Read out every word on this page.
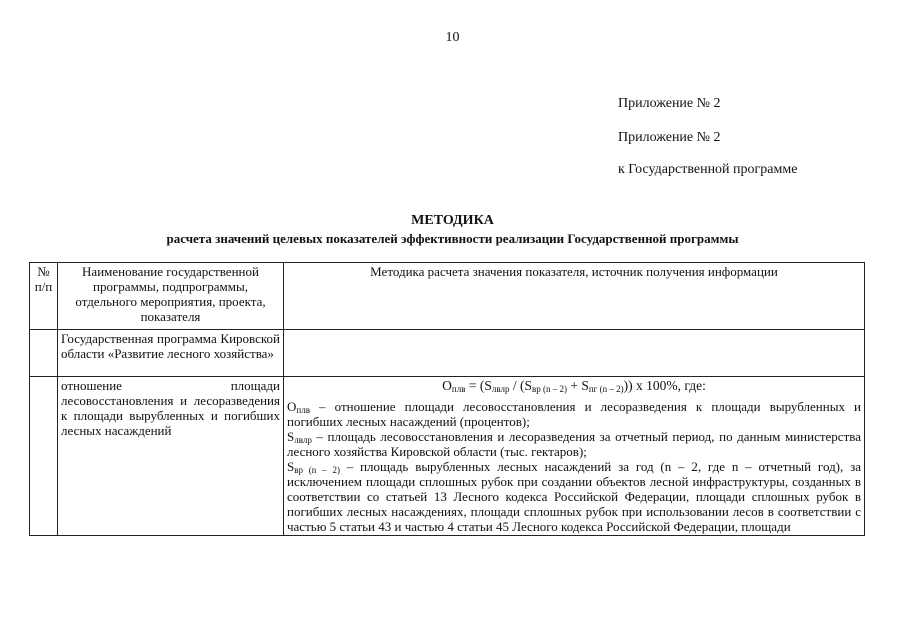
10
Приложение № 2
Приложение № 2
к Государственной программе
МЕТОДИКА
расчета значений целевых показателей эффективности реализации Государственной программы
№ п/п	Наименование государственной программы, подпрограммы, отдельного мероприятия, проекта, показателя	Методика расчета значения показателя, источник получения информации
	Государственная программа Кировской области «Развитие лесного хозяйства»	
	отношение площади лесовосстановления и лесоразведения к площади вырубленных и погибших лесных насаждений	$О_{плв} = (S_{лвлр} / (S_{вр (n - 2)} + S_{пг (n - 2)}))$ х 100%, где:

$О_{плв}$ – отношение площади лесовосстановления и лесоразведения к площади вырубленных и погибших лесных насаждений (процентов);

$S_{лвлр}$ – площадь лесовосстановления и лесоразведения за отчетный период, по данным министерства лесного хозяйства Кировской области (тыс. гектаров);

$S_{вр (n - 2)}$ – площадь вырубленных лесных насаждений за год (n – 2, где n – отчетный год), за исключением площади сплошных рубок при создании объектов лесной инфраструктуры, созданных в соответствии со статьей 13 Лесного кодекса Российской Федерации, площади сплошных рубок в погибших лесных насаждениях, площади сплошных рубок при использовании лесов в соответствии с частью 5 статьи 43 и частью 4 статьи 45 Лесного кодекса Российской Федерации, площади
